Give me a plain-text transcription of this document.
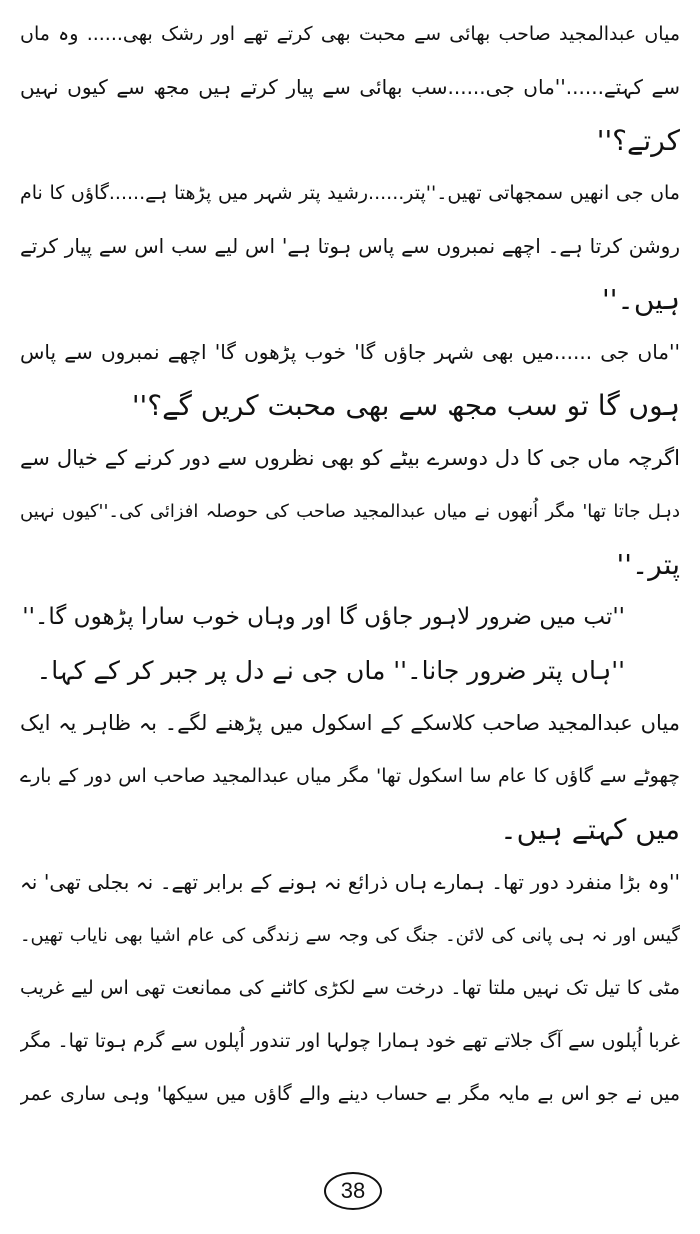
میاں عبدالمجید صاحب بھائی سے محبت بھی کرتے تھے اور رشک بھی...... وہ ماں
سے کہتے......''ماں جی......سب بھائی سے پیار کرتے ہیں مجھ سے کیوں نہیں
کرتے؟''
ماں جی انھیں سمجھاتی تھیں۔''پتر......رشید پتر شہر میں پڑھتا ہے......گاؤں کا نام
روشن کرتا ہے۔ اچھے نمبروں سے پاس ہوتا ہے' اس لیے سب اس سے پیار کرتے
ہیں۔''
''ماں جی ......میں بھی شہر جاؤں گا' خوب پڑھوں گا' اچھے نمبروں سے پاس
ہوں گا تو سب مجھ سے بھی محبت کریں گے؟''
اگرچہ ماں جی کا دل دوسرے بیٹے کو بھی نظروں سے دور کرنے کے خیال سے
دہل جاتا تھا' مگر اُنھوں نے میاں عبدالمجید صاحب کی حوصلہ افزائی کی۔''کیوں نہیں
پتر۔''
''تب میں ضرور لاہور جاؤں گا اور وہاں خوب سارا پڑھوں گا۔''
''ہاں پتر ضرور جانا۔'' ماں جی نے دل پر جبر کر کے کہا۔
میاں عبدالمجید صاحب کلاسکے کے اسکول میں پڑھنے لگے۔ بہ ظاہر یہ ایک
چھوٹے سے گاؤں کا عام سا اسکول تھا' مگر میاں عبدالمجید صاحب اس دور کے بارے
میں کہتے ہیں۔
''وہ بڑا منفرد دور تھا۔ ہمارے ہاں ذرائع نہ ہونے کے برابر تھے۔ نہ بجلی تھی' نہ
گیس اور نہ ہی پانی کی لائن۔ جنگ کی وجہ سے زندگی کی عام اشیا بھی نایاب تھیں۔
مٹی کا تیل تک نہیں ملتا تھا۔ درخت سے لکڑی کاٹنے کی ممانعت تھی اس لیے غریب
غربا اُپلوں سے آگ جلاتے تھے خود ہمارا چولہا اور تندور اُپلوں سے گرم ہوتا تھا۔ مگر
میں نے جو اس بے مایہ مگر بے حساب دینے والے گاؤں میں سیکھا' وہی ساری عمر
38
